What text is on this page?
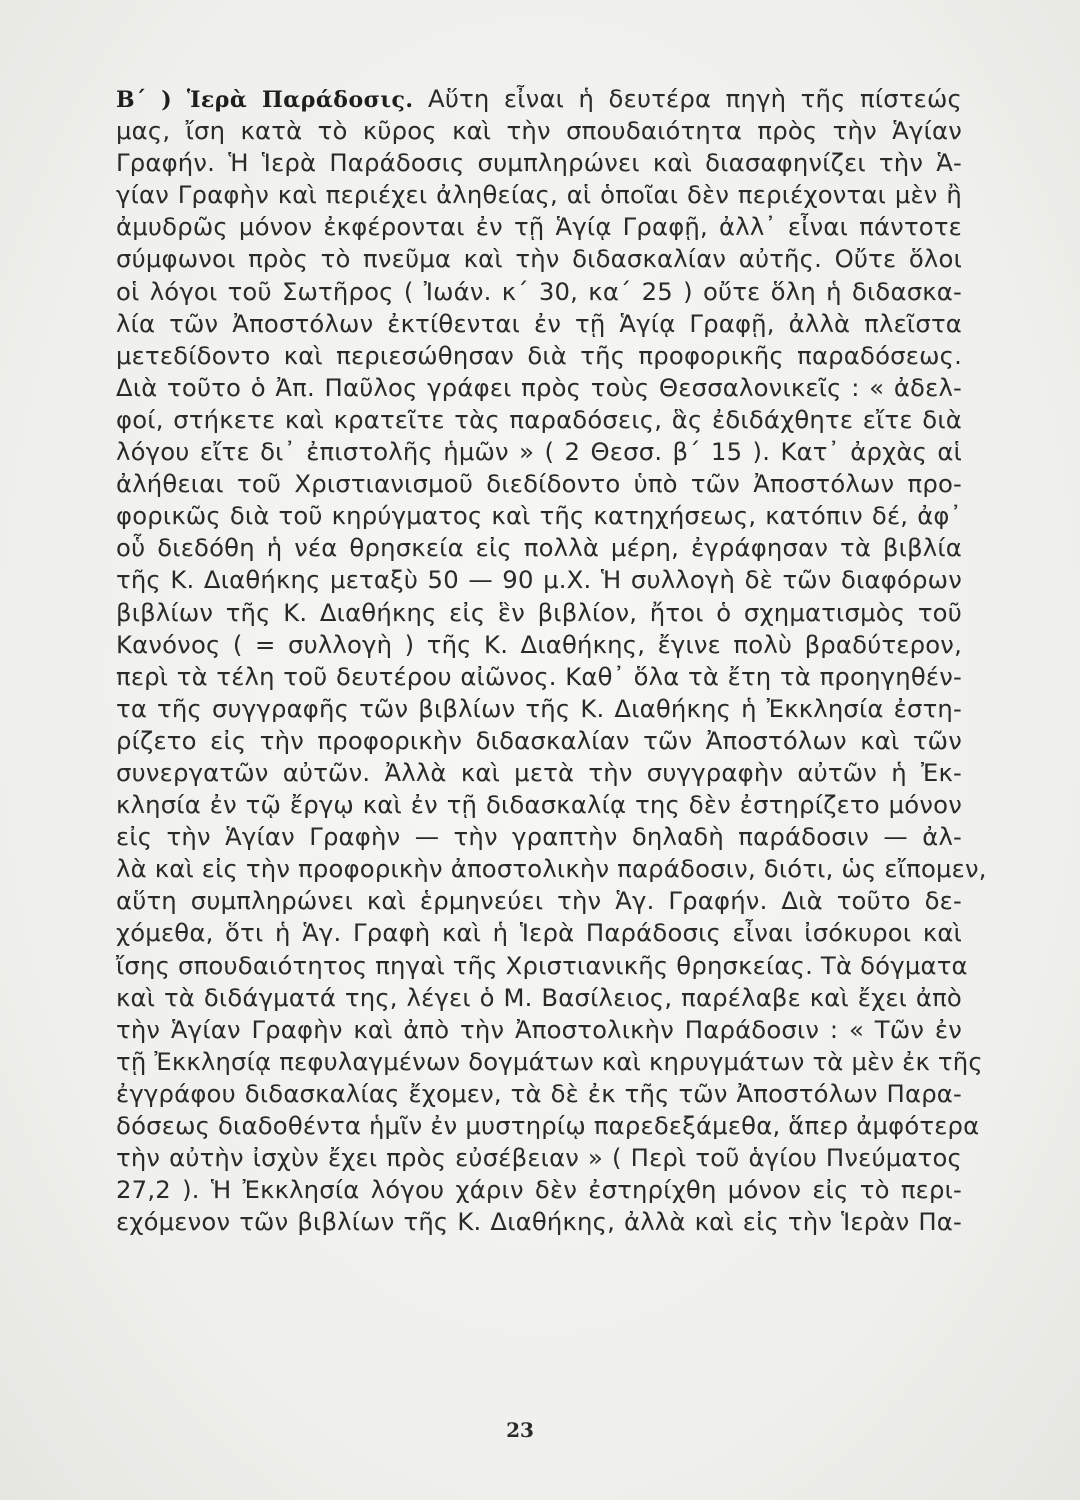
Β΄ ) Ἱερὰ Παράδοσις. Αὕτη εἶναι ἡ δευτέρα πηγὴ τῆς πίστεώς
μας, ἴση κατὰ τὸ κῦρος καὶ τὴν σπουδαιότητα πρὸς τὴν Ἁγίαν
Γραφήν. Ἡ Ἱερὰ Παράδοσις συμπληρώνει καὶ διασαφηνίζει τὴν Ἁ-
γίαν Γραφὴν καὶ περιέχει ἀληθείας, αἱ ὁποῖαι δὲν περιέχονται μὲν ἢ
ἀμυδρῶς μόνον ἐκφέρονται ἐν τῇ Ἁγίᾳ Γραφῇ, ἀλλ᾽ εἶναι πάντοτε
σύμφωνοι πρὸς τὸ πνεῦμα καὶ τὴν διδασκαλίαν αὐτῆς. Οὔτε ὅλοι
οἱ λόγοι τοῦ Σωτῆρος ( Ἰωάν. κ΄ 30, κα΄ 25 ) οὔτε ὅλη ἡ διδασκα-
λία τῶν Ἀποστόλων ἐκτίθενται ἐν τῇ Ἁγίᾳ Γραφῇ, ἀλλὰ πλεῖστα
μετεδίδοντο καὶ περιεσώθησαν διὰ τῆς προφορικῆς παραδόσεως.
Διὰ τοῦτο ὁ Ἀπ. Παῦλος γράφει πρὸς τοὺς Θεσσαλονικεῖς : « ἀδελ-
φοί, στήκετε καὶ κρατεῖτε τὰς παραδόσεις, ἃς ἐδιδάχθητε εἴτε διὰ
λόγου εἴτε δι᾽ ἐπιστολῆς ἡμῶν » ( 2 Θεσσ. β΄ 15 ). Κατ᾽ ἀρχὰς αἱ
ἀλήθειαι τοῦ Χριστιανισμοῦ διεδίδοντο ὑπὸ τῶν Ἀποστόλων προ-
φορικῶς διὰ τοῦ κηρύγματος καὶ τῆς κατηχήσεως, κατόπιν δέ, ἀφ᾽
οὗ διεδόθη ἡ νέα θρησκεία εἰς πολλὰ μέρη, ἐγράφησαν τὰ βιβλία
τῆς Κ. Διαθήκης μεταξὺ 50 — 90 μ.Χ. Ἡ συλλογὴ δὲ τῶν διαφόρων
βιβλίων τῆς Κ. Διαθήκης εἰς ἓν βιβλίον, ἤτοι ὁ σχηματισμὸς τοῦ
Κανόνος ( = συλλογὴ ) τῆς Κ. Διαθήκης, ἔγινε πολὺ βραδύτερον,
περὶ τὰ τέλη τοῦ δευτέρου αἰῶνος. Καθ᾽ ὅλα τὰ ἔτη τὰ προηγηθέν-
τα τῆς συγγραφῆς τῶν βιβλίων τῆς Κ. Διαθήκης ἡ Ἐκκλησία ἐστη-
ρίζετο εἰς τὴν προφορικὴν διδασκαλίαν τῶν Ἀποστόλων καὶ τῶν
συνεργατῶν αὐτῶν. Ἀλλὰ καὶ μετὰ τὴν συγγραφὴν αὐτῶν ἡ Ἐκ-
κλησία ἐν τῷ ἔργῳ καὶ ἐν τῇ διδασκαλίᾳ της δὲν ἐστηρίζετο μόνον
εἰς τὴν Ἁγίαν Γραφὴν — τὴν γραπτὴν δηλαδὴ παράδοσιν — ἀλ-
λὰ καὶ εἰς τὴν προφορικὴν ἀποστολικὴν παράδοσιν, διότι, ὡς εἴπομεν,
αὕτη συμπληρώνει καὶ ἑρμηνεύει τὴν Ἁγ. Γραφήν. Διὰ τοῦτο δε-
χόμεθα, ὅτι ἡ Ἁγ. Γραφὴ καὶ ἡ Ἱερὰ Παράδοσις εἶναι ἰσόκυροι καὶ
ἴσης σπουδαιότητος πηγαὶ τῆς Χριστιανικῆς θρησκείας. Τὰ δόγματα
καὶ τὰ διδάγματά της, λέγει ὁ Μ. Βασίλειος, παρέλαβε καὶ ἔχει ἀπὸ
τὴν Ἁγίαν Γραφὴν καὶ ἀπὸ τὴν Ἀποστολικὴν Παράδοσιν : « Τῶν ἐν
τῇ Ἐκκλησίᾳ πεφυλαγμένων δογμάτων καὶ κηρυγμάτων τὰ μὲν ἐκ τῆς
ἐγγράφου διδασκαλίας ἔχομεν, τὰ δὲ ἐκ τῆς τῶν Ἀποστόλων Παρα-
δόσεως διαδοθέντα ἡμῖν ἐν μυστηρίῳ παρεδεξάμεθα, ἅπερ ἀμφότερα
τὴν αὐτὴν ἰσχὺν ἔχει πρὸς εὐσέβειαν » ( Περὶ τοῦ ἁγίου Πνεύματος
27,2 ). Ἡ Ἐκκλησία λόγου χάριν δὲν ἐστηρίχθη μόνον εἰς τὸ περι-
εχόμενον τῶν βιβλίων τῆς Κ. Διαθήκης, ἀλλὰ καὶ εἰς τὴν Ἱερὰν Πα-
23
